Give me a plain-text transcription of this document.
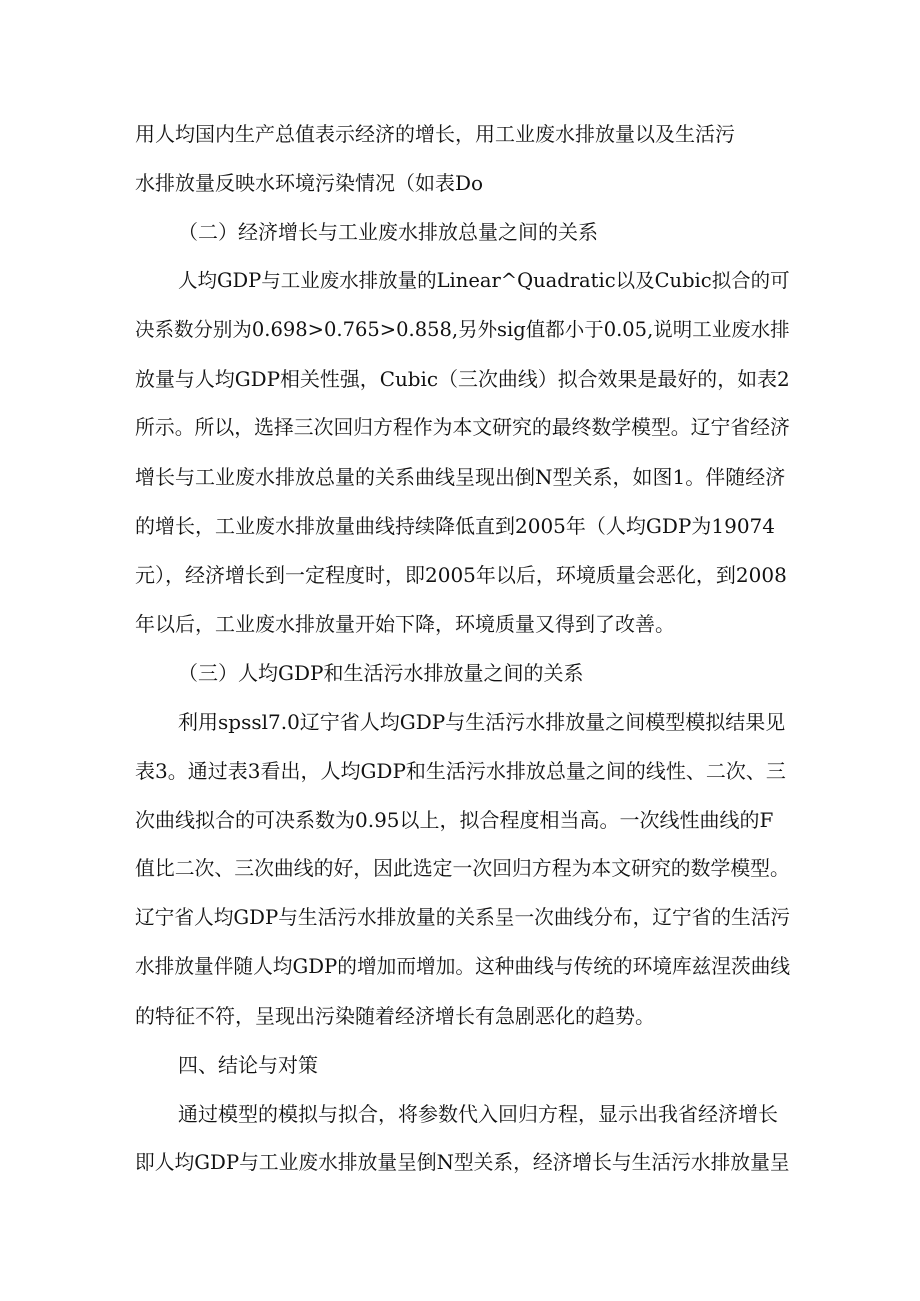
用人均国内生产总值表示经济的增长，用工业废水排放量以及生活污
水排放量反映水环境污染情况（如表Do
（二）经济增长与工业废水排放总量之间的关系
人均GDP与工业废水排放量的Linear^Quadratic以及Cubic拟合的可
决系数分别为0.698>0.765>0.858,另外sig值都小于0.05,说明工业废水排
放量与人均GDP相关性强，Cubic（三次曲线）拟合效果是最好的，如表2
所示。所以，选择三次回归方程作为本文研究的最终数学模型。辽宁省经济
增长与工业废水排放总量的关系曲线呈现出倒N型关系，如图1。伴随经济
的增长，工业废水排放量曲线持续降低直到2005年（人均GDP为19074
元），经济增长到一定程度时，即2005年以后，环境质量会恶化，到2008
年以后，工业废水排放量开始下降，环境质量又得到了改善。
（三）人均GDP和生活污水排放量之间的关系
利用spssl7.0辽宁省人均GDP与生活污水排放量之间模型模拟结果见
表3。通过表3看出，人均GDP和生活污水排放总量之间的线性、二次、三
次曲线拟合的可决系数为0.95以上，拟合程度相当高。一次线性曲线的F
值比二次、三次曲线的好，因此选定一次回归方程为本文研究的数学模型。
辽宁省人均GDP与生活污水排放量的关系呈一次曲线分布，辽宁省的生活污
水排放量伴随人均GDP的增加而增加。这种曲线与传统的环境库兹涅茨曲线
的特征不符，呈现出污染随着经济增长有急剧恶化的趋势。
四、结论与对策
通过模型的模拟与拟合，将参数代入回归方程，显示出我省经济增长
即人均GDP与工业废水排放量呈倒N型关系，经济增长与生活污水排放量呈
